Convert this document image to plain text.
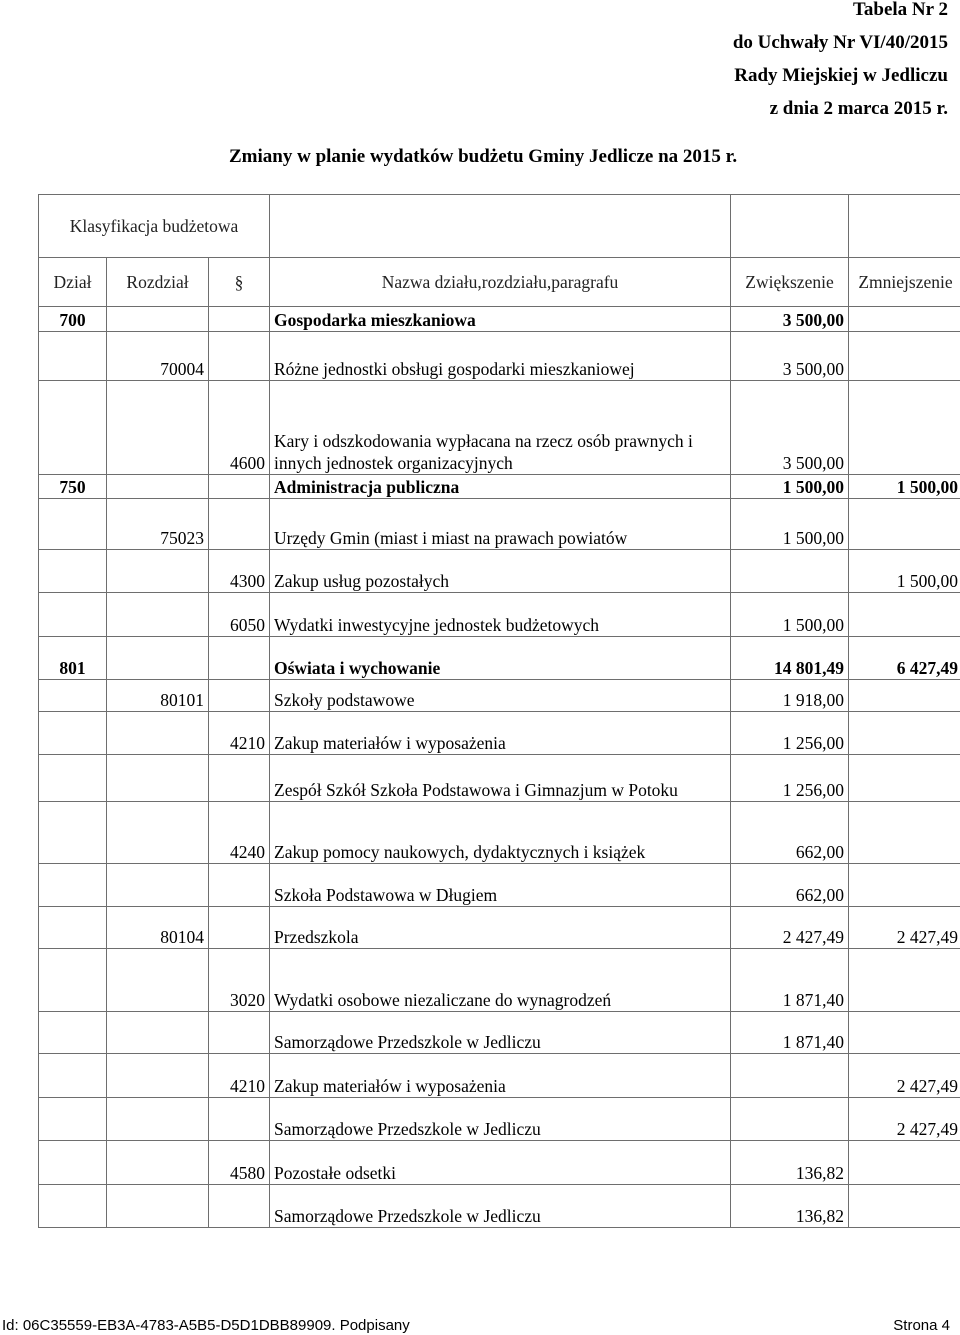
Tabela Nr 2
do Uchwały Nr VI/40/2015
Rady Miejskiej w Jedliczu
z dnia 2 marca 2015 r.
Zmiany w planie wydatków budżetu Gminy Jedlicze na 2015 r.
Klasyfikacja budżetowa					
Dział	Rozdział	§	Nazwa działu,rozdziału,paragrafu	Zwiększenie	Zmniejszenie
700			Gospodarka mieszkaniowa	3 500,00	
	70004		Różne jednostki obsługi gospodarki mieszkaniowej	3 500,00	
		4600	Kary i odszkodowania wypłacana na rzecz osób prawnych i innych jednostek organizacyjnych	3 500,00	
750			Administracja publiczna	1 500,00	1 500,00
	75023		Urzędy Gmin (miast i miast na prawach powiatów	1 500,00	
		4300	Zakup usług pozostałych		1 500,00
		6050	Wydatki inwestycyjne jednostek budżetowych	1 500,00	
801			Oświata i wychowanie	14 801,49	6 427,49
	80101		Szkoły podstawowe	1 918,00	
		4210	Zakup materiałów i wyposażenia	1 256,00	
			Zespół Szkół Szkoła Podstawowa i Gimnazjum w Potoku	1 256,00	
		4240	Zakup pomocy naukowych, dydaktycznych i książek	662,00	
			Szkoła Podstawowa w Długiem	662,00	
	80104		Przedszkola	2 427,49	2 427,49
		3020	Wydatki osobowe niezaliczane do wynagrodzeń	1 871,40	
			Samorządowe Przedszkole w Jedliczu	1 871,40	
		4210	Zakup materiałów i wyposażenia		2 427,49
			Samorządowe Przedszkole w Jedliczu		2 427,49
		4580	Pozostałe odsetki	136,82	
			Samorządowe Przedszkole w Jedliczu	136,82	
Id: 06C35559-EB3A-4783-A5B5-D5D1DBB89909. Podpisany	Strona 4
